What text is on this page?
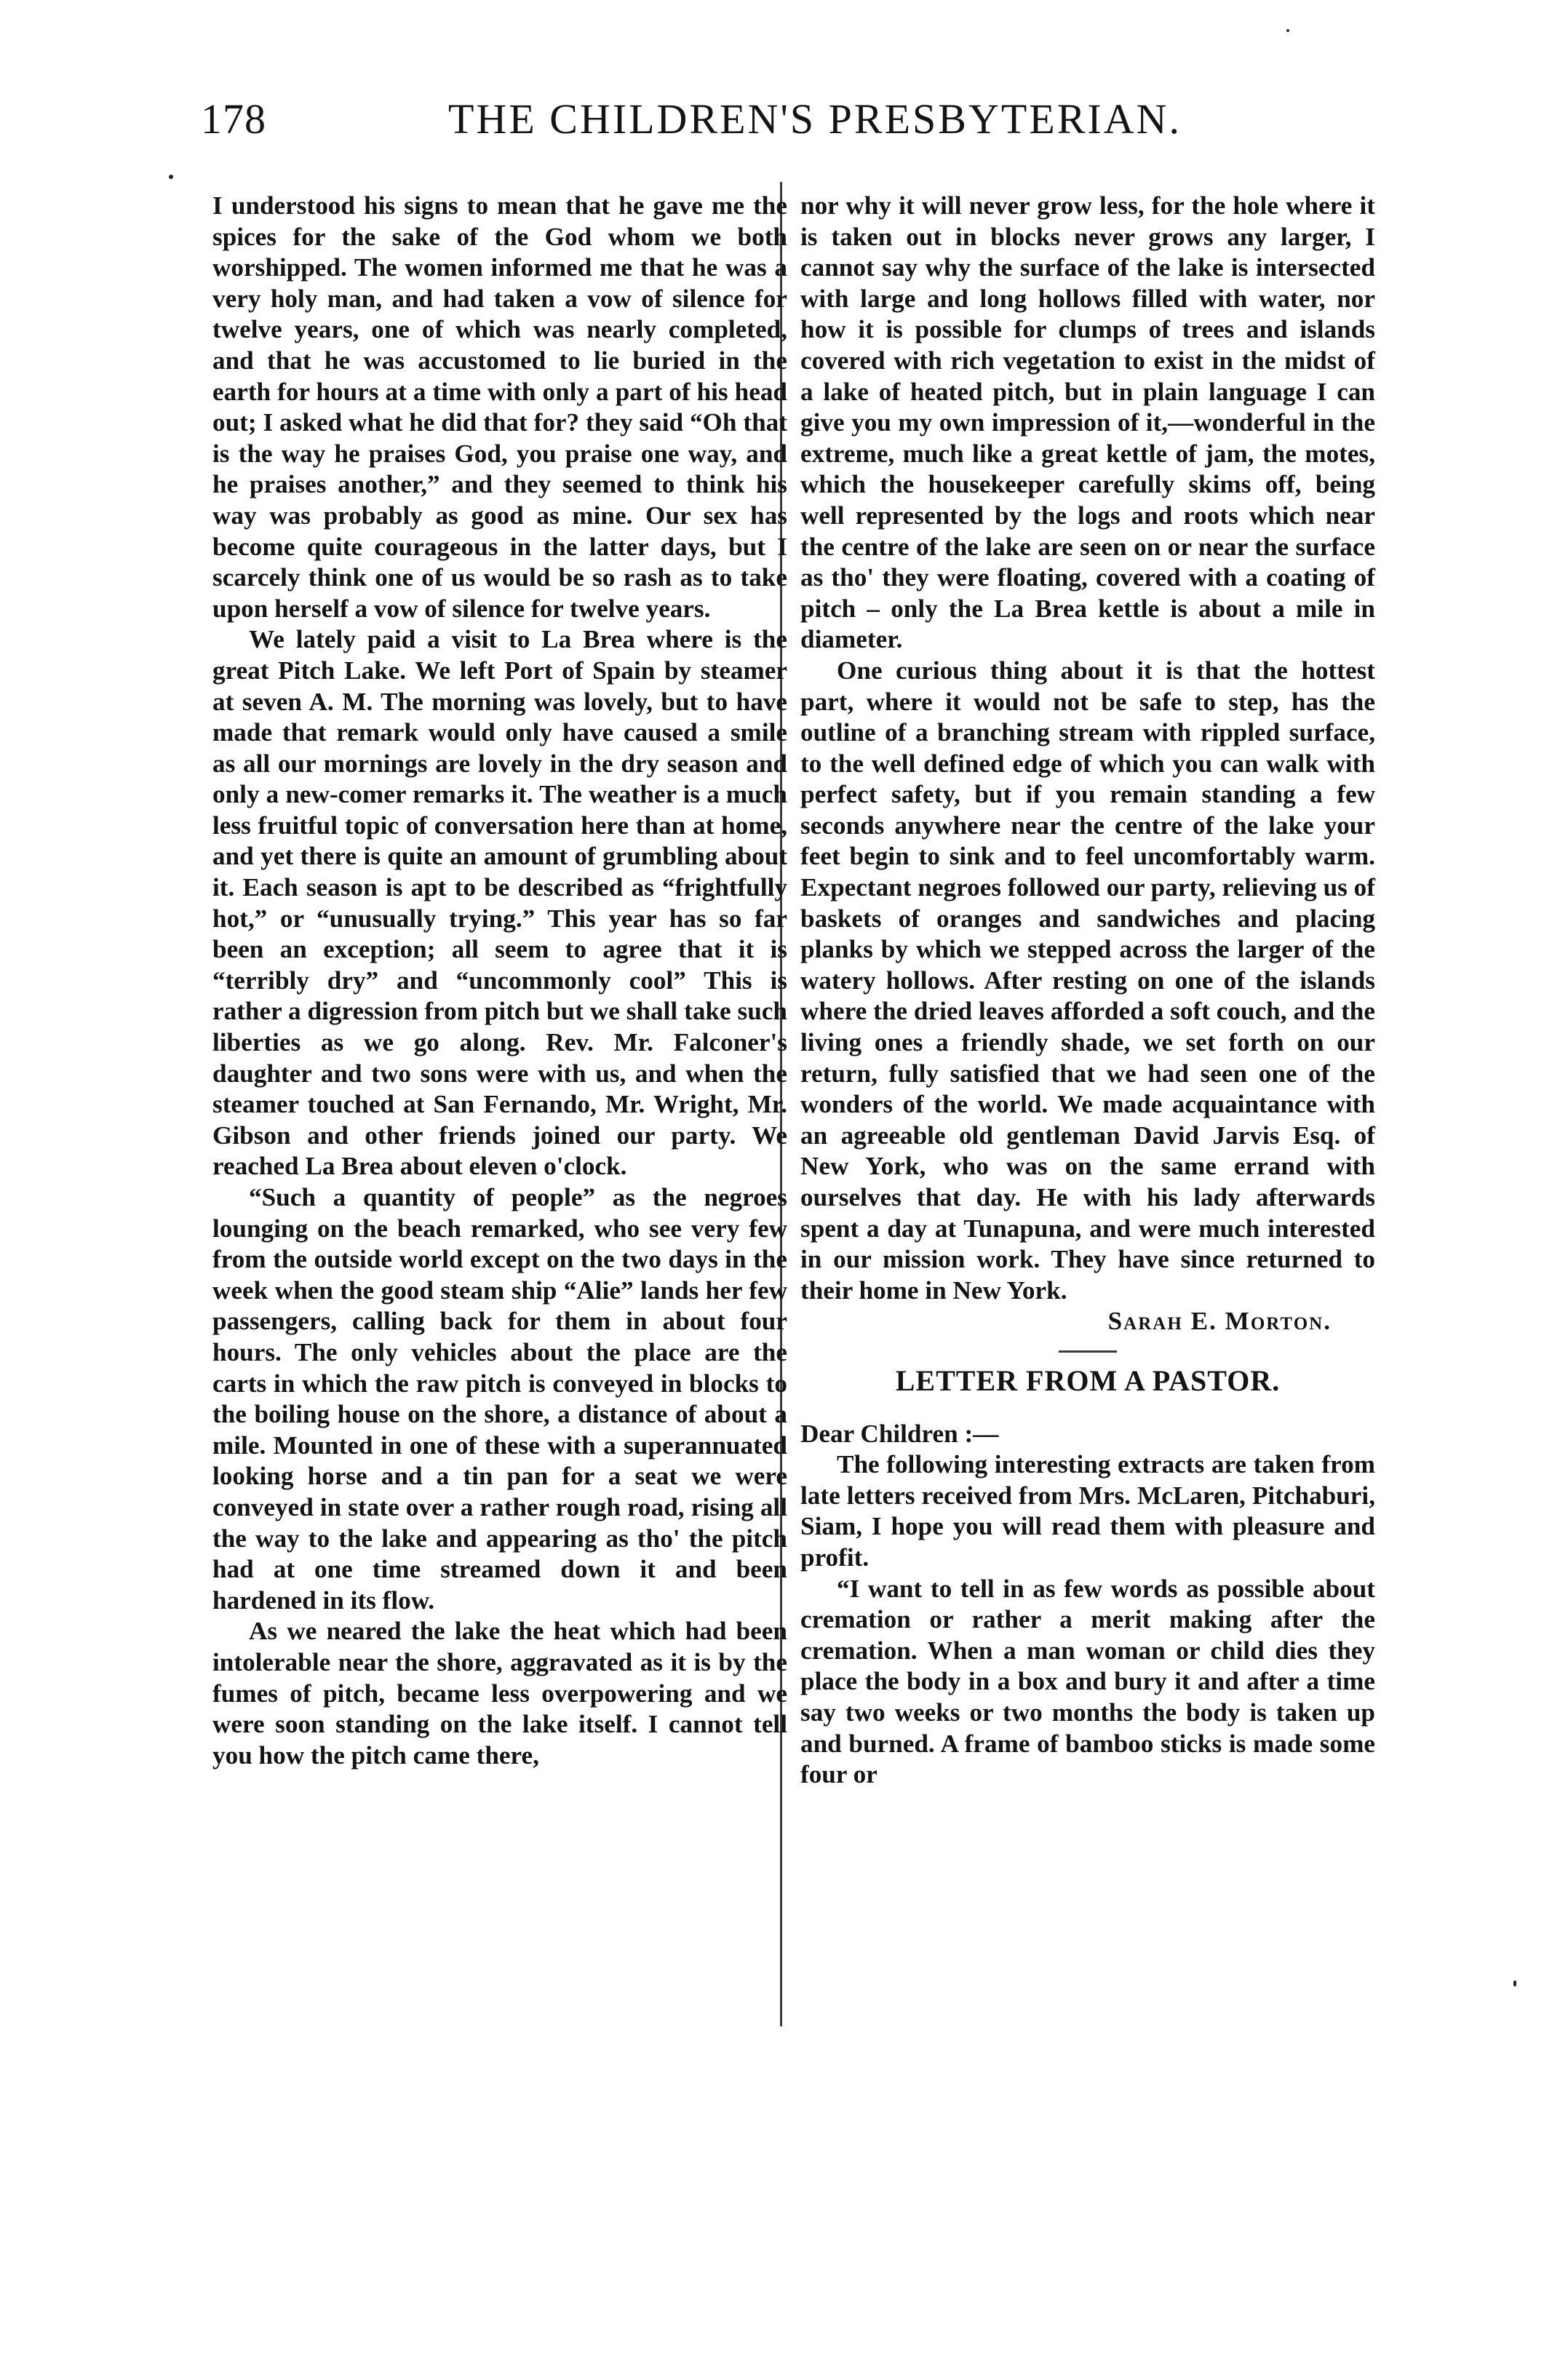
178	THE CHILDREN'S PRESBYTERIAN.

I understood his signs to mean that he gave me the spices for the sake of the God whom we both worshipped. The women informed me that he was a very holy man, and had taken a vow of silence for twelve years, one of which was nearly completed, and that he was accustomed to lie buried in the earth for hours at a time with only a part of his head out; I asked what he did that for? they said “Oh that is the way he praises God, you praise one way, and he praises another,” and they seemed to think his way was probably as good as mine. Our sex has become quite courageous in the latter days, but I scarcely think one of us would be so rash as to take upon herself a vow of silence for twelve years.

We lately paid a visit to La Brea where is the great Pitch Lake. We left Port of Spain by steamer at seven A. M. The morning was lovely, but to have made that remark would only have caused a smile as all our mornings are lovely in the dry season and only a new-comer remarks it. The weather is a much less fruitful topic of conversation here than at home, and yet there is quite an amount of grumbling about it. Each season is apt to be described as “frightfully hot,” or “unusually trying.” This year has so far been an exception; all seem to agree that it is “terribly dry” and “uncommonly cool” This is rather a digression from pitch but we shall take such liberties as we go along. Rev. Mr. Falconer's daughter and two sons were with us, and when the steamer touched at San Fernando, Mr. Wright, Mr. Gibson and other friends joined our party. We reached La Brea about eleven o'clock.

“Such a quantity of people” as the negroes lounging on the beach remarked, who see very few from the outside world except on the two days in the week when the good steam ship “Alie” lands her few passengers, calling back for them in about four hours. The only vehicles about the place are the carts in which the raw pitch is conveyed in blocks to the boiling house on the shore, a distance of about a mile. Mounted in one of these with a superannuated looking horse and a tin pan for a seat we were conveyed in state over a rather rough road, rising all the way to the lake and appearing as tho' the pitch had at one time streamed down it and been hardened in its flow.

As we neared the lake the heat which had been intolerable near the shore, aggravated as it is by the fumes of pitch, became less overpowering and we were soon standing on the lake itself. I cannot tell you how the pitch came there,

nor why it will never grow less, for the hole where it is taken out in blocks never grows any larger, I cannot say why the surface of the lake is intersected with large and long hollows filled with water, nor how it is possible for clumps of trees and islands covered with rich vegetation to exist in the midst of a lake of heated pitch, but in plain language I can give you my own impression of it,—wonderful in the extreme, much like a great kettle of jam, the motes, which the housekeeper carefully skims off, being well represented by the logs and roots which near the centre of the lake are seen on or near the surface as tho' they were floating, covered with a coating of pitch – only the La Brea kettle is about a mile in diameter.

One curious thing about it is that the hottest part, where it would not be safe to step, has the outline of a branching stream with rippled surface, to the well defined edge of which you can walk with perfect safety, but if you remain standing a few seconds anywhere near the centre of the lake your feet begin to sink and to feel uncomfortably warm. Expectant negroes followed our party, relieving us of baskets of oranges and sandwiches and placing planks by which we stepped across the larger of the watery hollows. After resting on one of the islands where the dried leaves afforded a soft couch, and the living ones a friendly shade, we set forth on our return, fully satisfied that we had seen one of the wonders of the world. We made acquaintance with an agreeable old gentleman David Jarvis Esq. of New York, who was on the same errand with ourselves that day. He with his lady afterwards spent a day at Tunapuna, and were much interested in our mission work. They have since returned to their home in New York.

Sarah E. Morton.

LETTER FROM A PASTOR.

Dear Children :—

The following interesting extracts are taken from late letters received from Mrs. McLaren, Pitchaburi, Siam, I hope you will read them with pleasure and profit.

“I want to tell in as few words as possible about cremation or rather a merit making after the cremation. When a man woman or child dies they place the body in a box and bury it and after a time say two weeks or two months the body is taken up and burned. A frame of bamboo sticks is made some four or
